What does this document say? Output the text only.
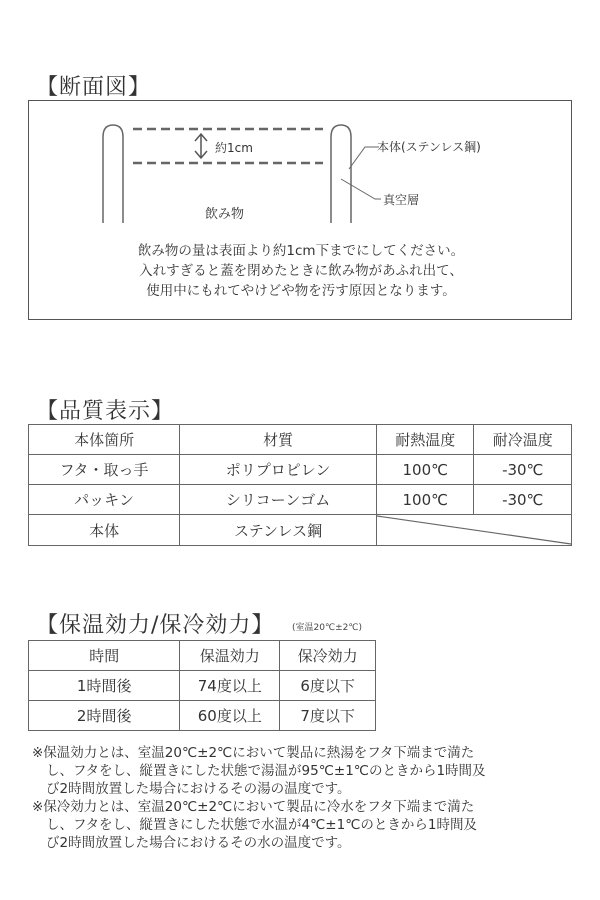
【断面図】
約1cm
飲み物
本体(ステンレス鋼)
真空層
飲み物の量は表面より約1cm下までにしてください。
入れすぎると蓋を閉めたときに飲み物があふれ出て、
使用中にもれてやけどや物を汚す原因となります。
【品質表示】
本体箇所	材質	耐熱温度	耐冷温度
フタ・取っ手	ポリプロピレン	100℃	-30℃
パッキン	シリコーンゴム	100℃	-30℃
本体	ステンレス鋼	
【保温効力/保冷効力】 (室温20℃±2℃)
時間	保温効力	保冷効力
1時間後	74度以上	6度以下
2時間後	60度以上	7度以下
※保温効力とは、室温20℃±2℃において製品に熱湯をフタ下端まで満た
し、フタをし、縦置きにした状態で湯温が95℃±1℃のときから1時間及
び2時間放置した場合におけるその湯の温度です。
※保冷効力とは、室温20℃±2℃において製品に冷水をフタ下端まで満た
し、フタをし、縦置きにした状態で水温が4℃±1℃のときから1時間及
び2時間放置した場合におけるその水の温度です。
